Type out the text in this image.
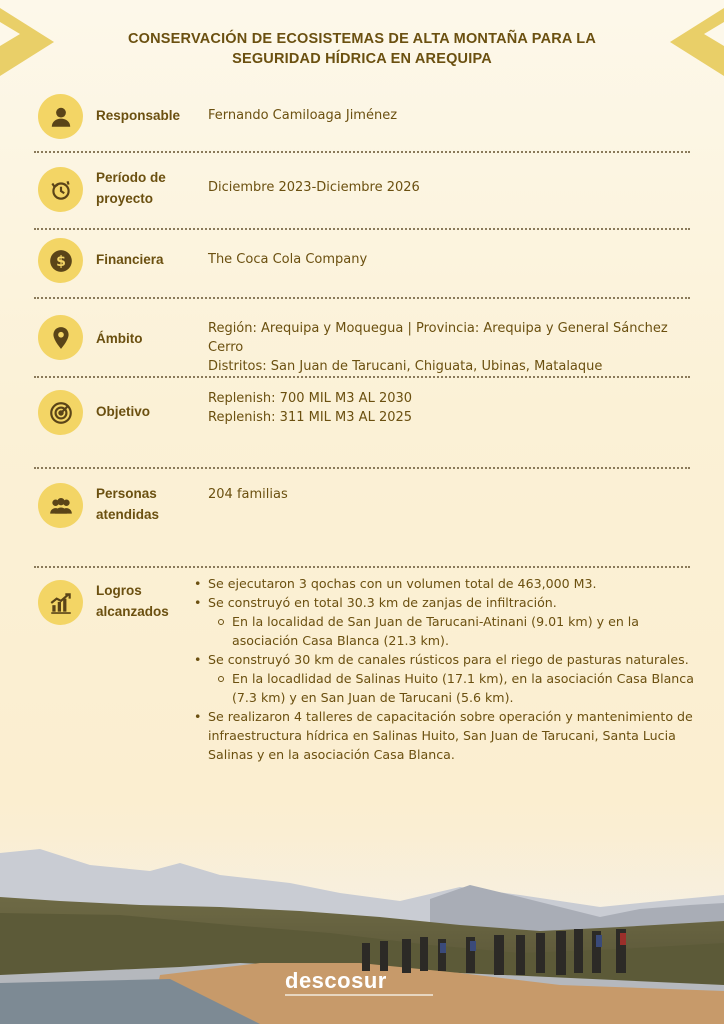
CONSERVACIÓN DE ECOSISTEMAS DE ALTA MONTAÑA PARA LA
SEGURIDAD HÍDRICA EN AREQUIPA
Responsable Fernando Camiloaga Jiménez
Período de
proyecto
Diciembre 2023-Diciembre 2026
$ Financiera	The Coca Cola Company
Ámbito
Región: Arequipa y Moquegua | Provincia: Arequipa y General Sánchez Cerro
Distritos: San Juan de Tarucani, Chiguata, Ubinas, Matalaque
Objetivo
Replenish: 700 MIL M3 AL 2030
Replenish: 311 MIL M3 AL 2025
Personas
atendidas
204 familias
Logros
alcanzados
• Se ejecutaron 3 qochas con un volumen total de 463,000 M3.
• Se construyó en total 30.3 km de zanjas de infiltración.
En la localidad de San Juan de Tarucani-Atinani (9.01 km) y en la asociación Casa Blanca (21.3 km).
• Se construyó 30 km de canales rústicos para el riego de pasturas naturales.
En la locadlidad de Salinas Huito (17.1 km), en la asociación Casa Blanca (7.3 km) y en San Juan de Tarucani (5.6 km).
• Se realizaron 4 talleres de capacitación sobre operación y mantenimiento de infraestructura hídrica en Salinas Huito, San Juan de Tarucani, Santa Lucia Salinas y en la asociación Casa Blanca.
descosur
